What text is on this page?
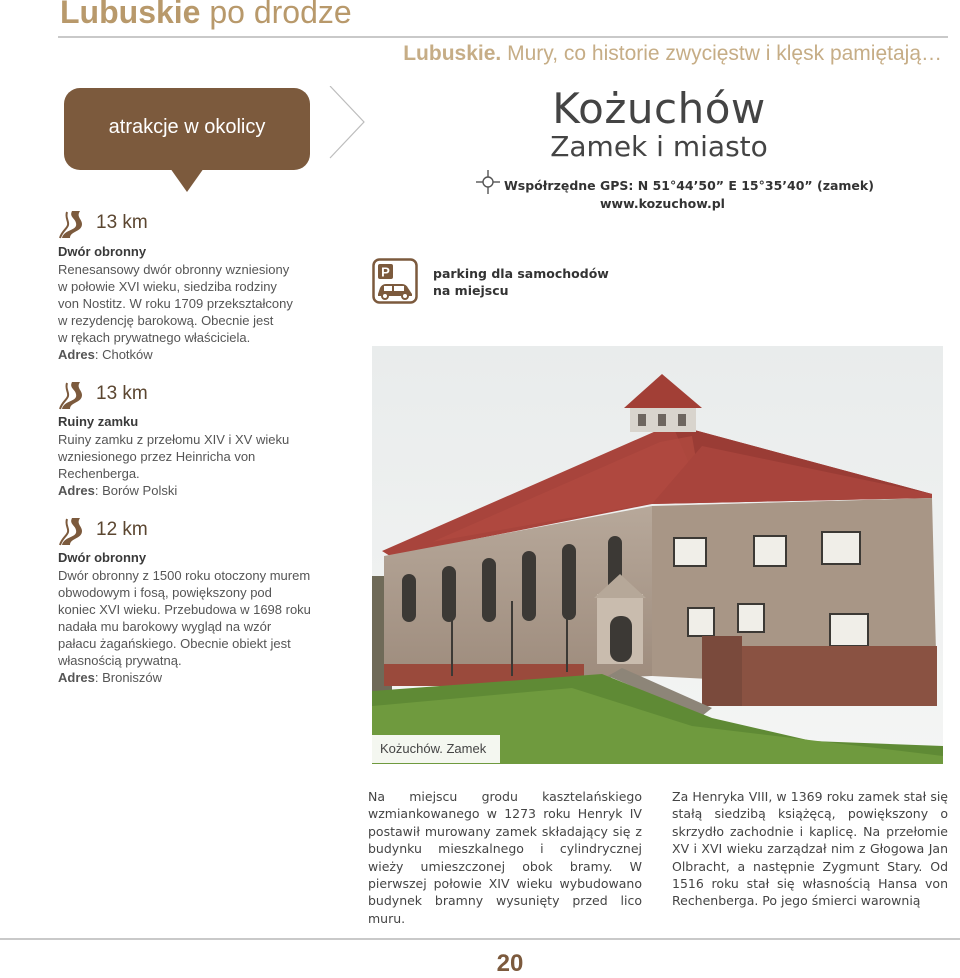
Lubuskie po drodze
Lubuskie. Mury, co historie zwycięstw i klęsk pamiętają…
atrakcje w okolicy
13 km
Dwór obronny
Renesansowy dwór obronny wzniesiony
w połowie XVI wieku, siedziba rodziny
von Nostitz. W roku 1709 przekształcony
w rezydencję barokową. Obecnie jest
w rękach prywatnego właściciela.
Adres: Chotków
13 km
Ruiny zamku
Ruiny zamku z przełomu XIV i XV wieku
wzniesionego przez Heinricha von
Rechenberga.
Adres: Borów Polski
12 km
Dwór obronny
Dwór obronny z 1500 roku otoczony murem
obwodowym i fosą, powiększony pod
koniec XVI wieku. Przebudowa w 1698 roku
nadała mu barokowy wygląd na wzór
pałacu żagańskiego. Obecnie obiekt jest
własnością prywatną.
Adres: Broniszów
Kożuchów
Zamek i miasto
Współrzędne GPS: N 51°44’50” E 15°35’40” (zamek)
www.kozuchow.pl
P	parking dla samochodów
na miejscu
Kożuchów. Zamek
Na miejscu grodu kasztelańskiego wzmiankowanego w 1273 roku Henryk IV postawił murowany zamek składający się z budynku mieszkalnego i cylindrycznej wieży umieszczonej obok bramy. W pierwszej połowie XIV wieku wybudowano budynek bramny wysunięty przed lico muru.
Za Henryka VIII, w 1369 roku zamek stał się stałą siedzibą książęcą, powiększony o skrzydło zachodnie i kaplicę. Na przełomie XV i XVI wieku zarządzał nim z Głogowa Jan Olbracht, a następnie Zygmunt Stary. Od 1516 roku stał się własnością Hansa von Rechenberga. Po jego śmierci warownią
20
